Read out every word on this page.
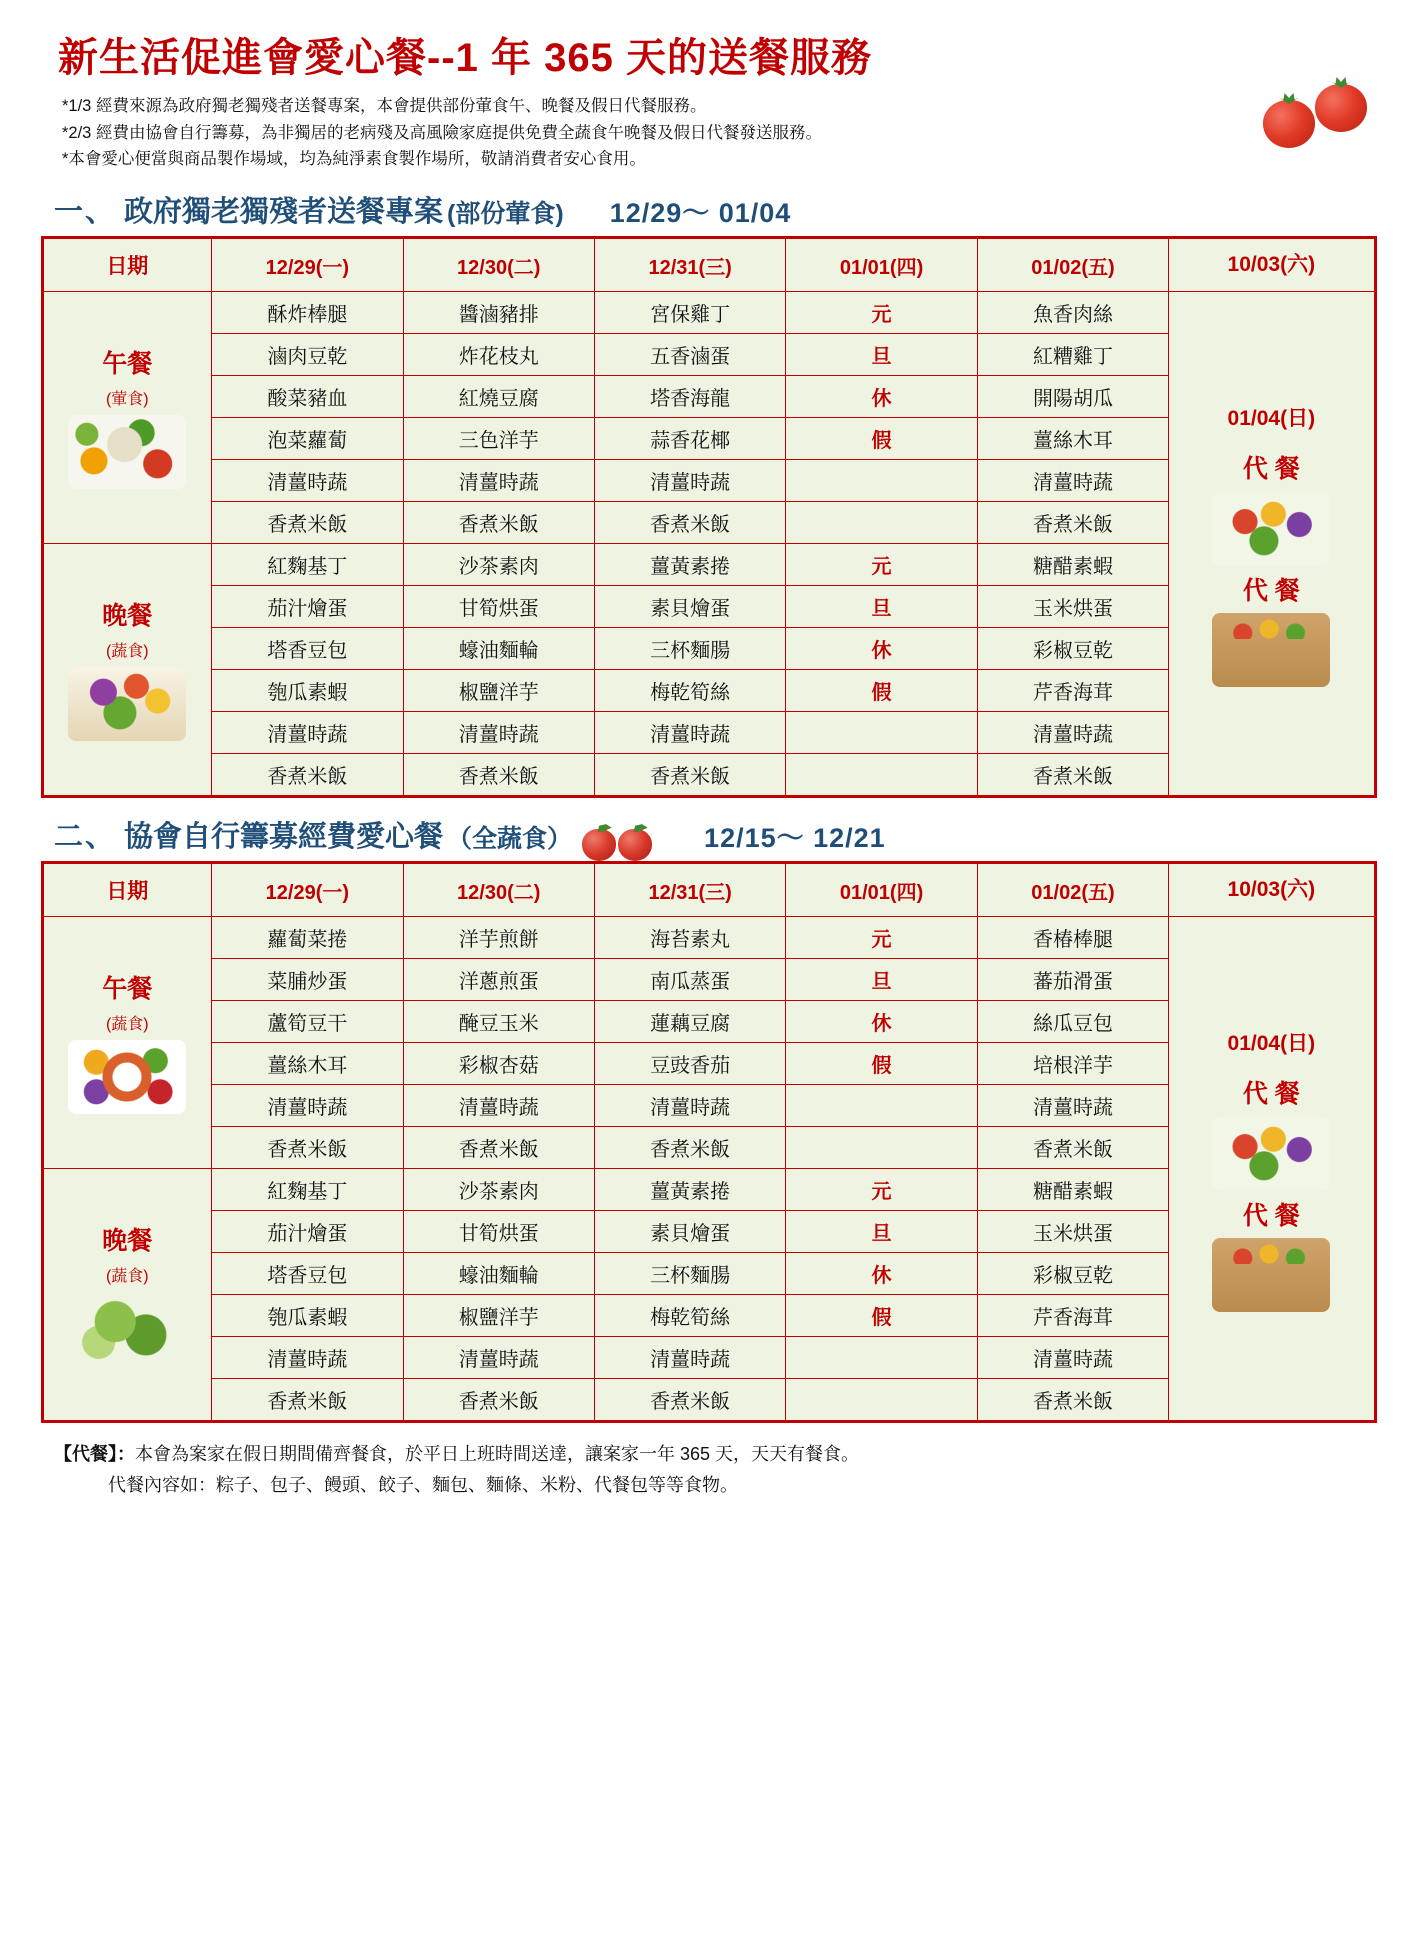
新生活促進會愛心餐--1 年 365 天的送餐服務
*1/3 經費來源為政府獨老獨殘者送餐專案，本會提供部份葷食午、晚餐及假日代餐服務。
*2/3 經費由協會自行籌募，為非獨居的老病殘及高風險家庭提供免費全蔬食午晚餐及假日代餐發送服務。
*本會愛心便當與商品製作場域，均為純淨素食製作場所，敬請消費者安心食用。
一、 政府獨老獨殘者送餐專案 (部份葷食) 12/29～ 01/04
日期	12/29(一)	12/30(二)	12/31(三)	01/01(四)	01/02(五)	10/03(六)

午餐
(葷食)
	酥炸棒腿	醬滷豬排	宮保雞丁	元	魚香肉絲	
01/04(日)
代 餐
代 餐

	滷肉豆乾	炸花枝丸	五香滷蛋	旦	紅糟雞丁	
	酸菜豬血	紅燒豆腐	塔香海龍	休	開陽胡瓜	
	泡菜蘿蔔	三色洋芋	蒜香花椰	假	薑絲木耳	
	清薑時蔬	清薑時蔬	清薑時蔬		清薑時蔬	
	香煮米飯	香煮米飯	香煮米飯		香煮米飯	

晚餐
(蔬食)	紅麴基丁	沙茶素肉	薑黃素捲	元	糖醋素蝦	
	茄汁燴蛋	甘筍烘蛋	素貝燴蛋	旦	玉米烘蛋	
	塔香豆包	蠔油麵輪	三杯麵腸	休	彩椒豆乾	
	匏瓜素蝦	椒鹽洋芋	梅乾筍絲	假	芹香海茸	
	清薑時蔬	清薑時蔬	清薑時蔬		清薑時蔬	
	香煮米飯	香煮米飯	香煮米飯		香煮米飯	
二、 協會自行籌募經費愛心餐 （全蔬食）	12/15～ 12/21
日期	12/29(一)	12/30(二)	12/31(三)	01/01(四)	01/02(五)	10/03(六)

午餐
(蔬食)
	蘿蔔菜捲	洋芋煎餅	海苔素丸	元	香椿棒腿	
01/04(日)
代 餐
代 餐

	菜脯炒蛋	洋蔥煎蛋	南瓜蒸蛋	旦	蕃茄滑蛋	
	蘆筍豆干	醃豆玉米	蓮藕豆腐	休	絲瓜豆包	
	薑絲木耳	彩椒杏菇	豆豉香茄	假	培根洋芋	
	清薑時蔬	清薑時蔬	清薑時蔬		清薑時蔬	
	香煮米飯	香煮米飯	香煮米飯		香煮米飯	

晚餐
(蔬食)	紅麴基丁	沙茶素肉	薑黃素捲	元	糖醋素蝦	
	茄汁燴蛋	甘筍烘蛋	素貝燴蛋	旦	玉米烘蛋	
	塔香豆包	蠔油麵輪	三杯麵腸	休	彩椒豆乾	
	匏瓜素蝦	椒鹽洋芋	梅乾筍絲	假	芹香海茸	
	清薑時蔬	清薑時蔬	清薑時蔬		清薑時蔬	
	香煮米飯	香煮米飯	香煮米飯		香煮米飯	
【代餐】：本會為案家在假日期間備齊餐食，於平日上班時間送達，讓案家一年 365 天，天天有餐食。
代餐內容如：粽子、包子、饅頭、餃子、麵包、麵條、米粉、代餐包等等食物。
